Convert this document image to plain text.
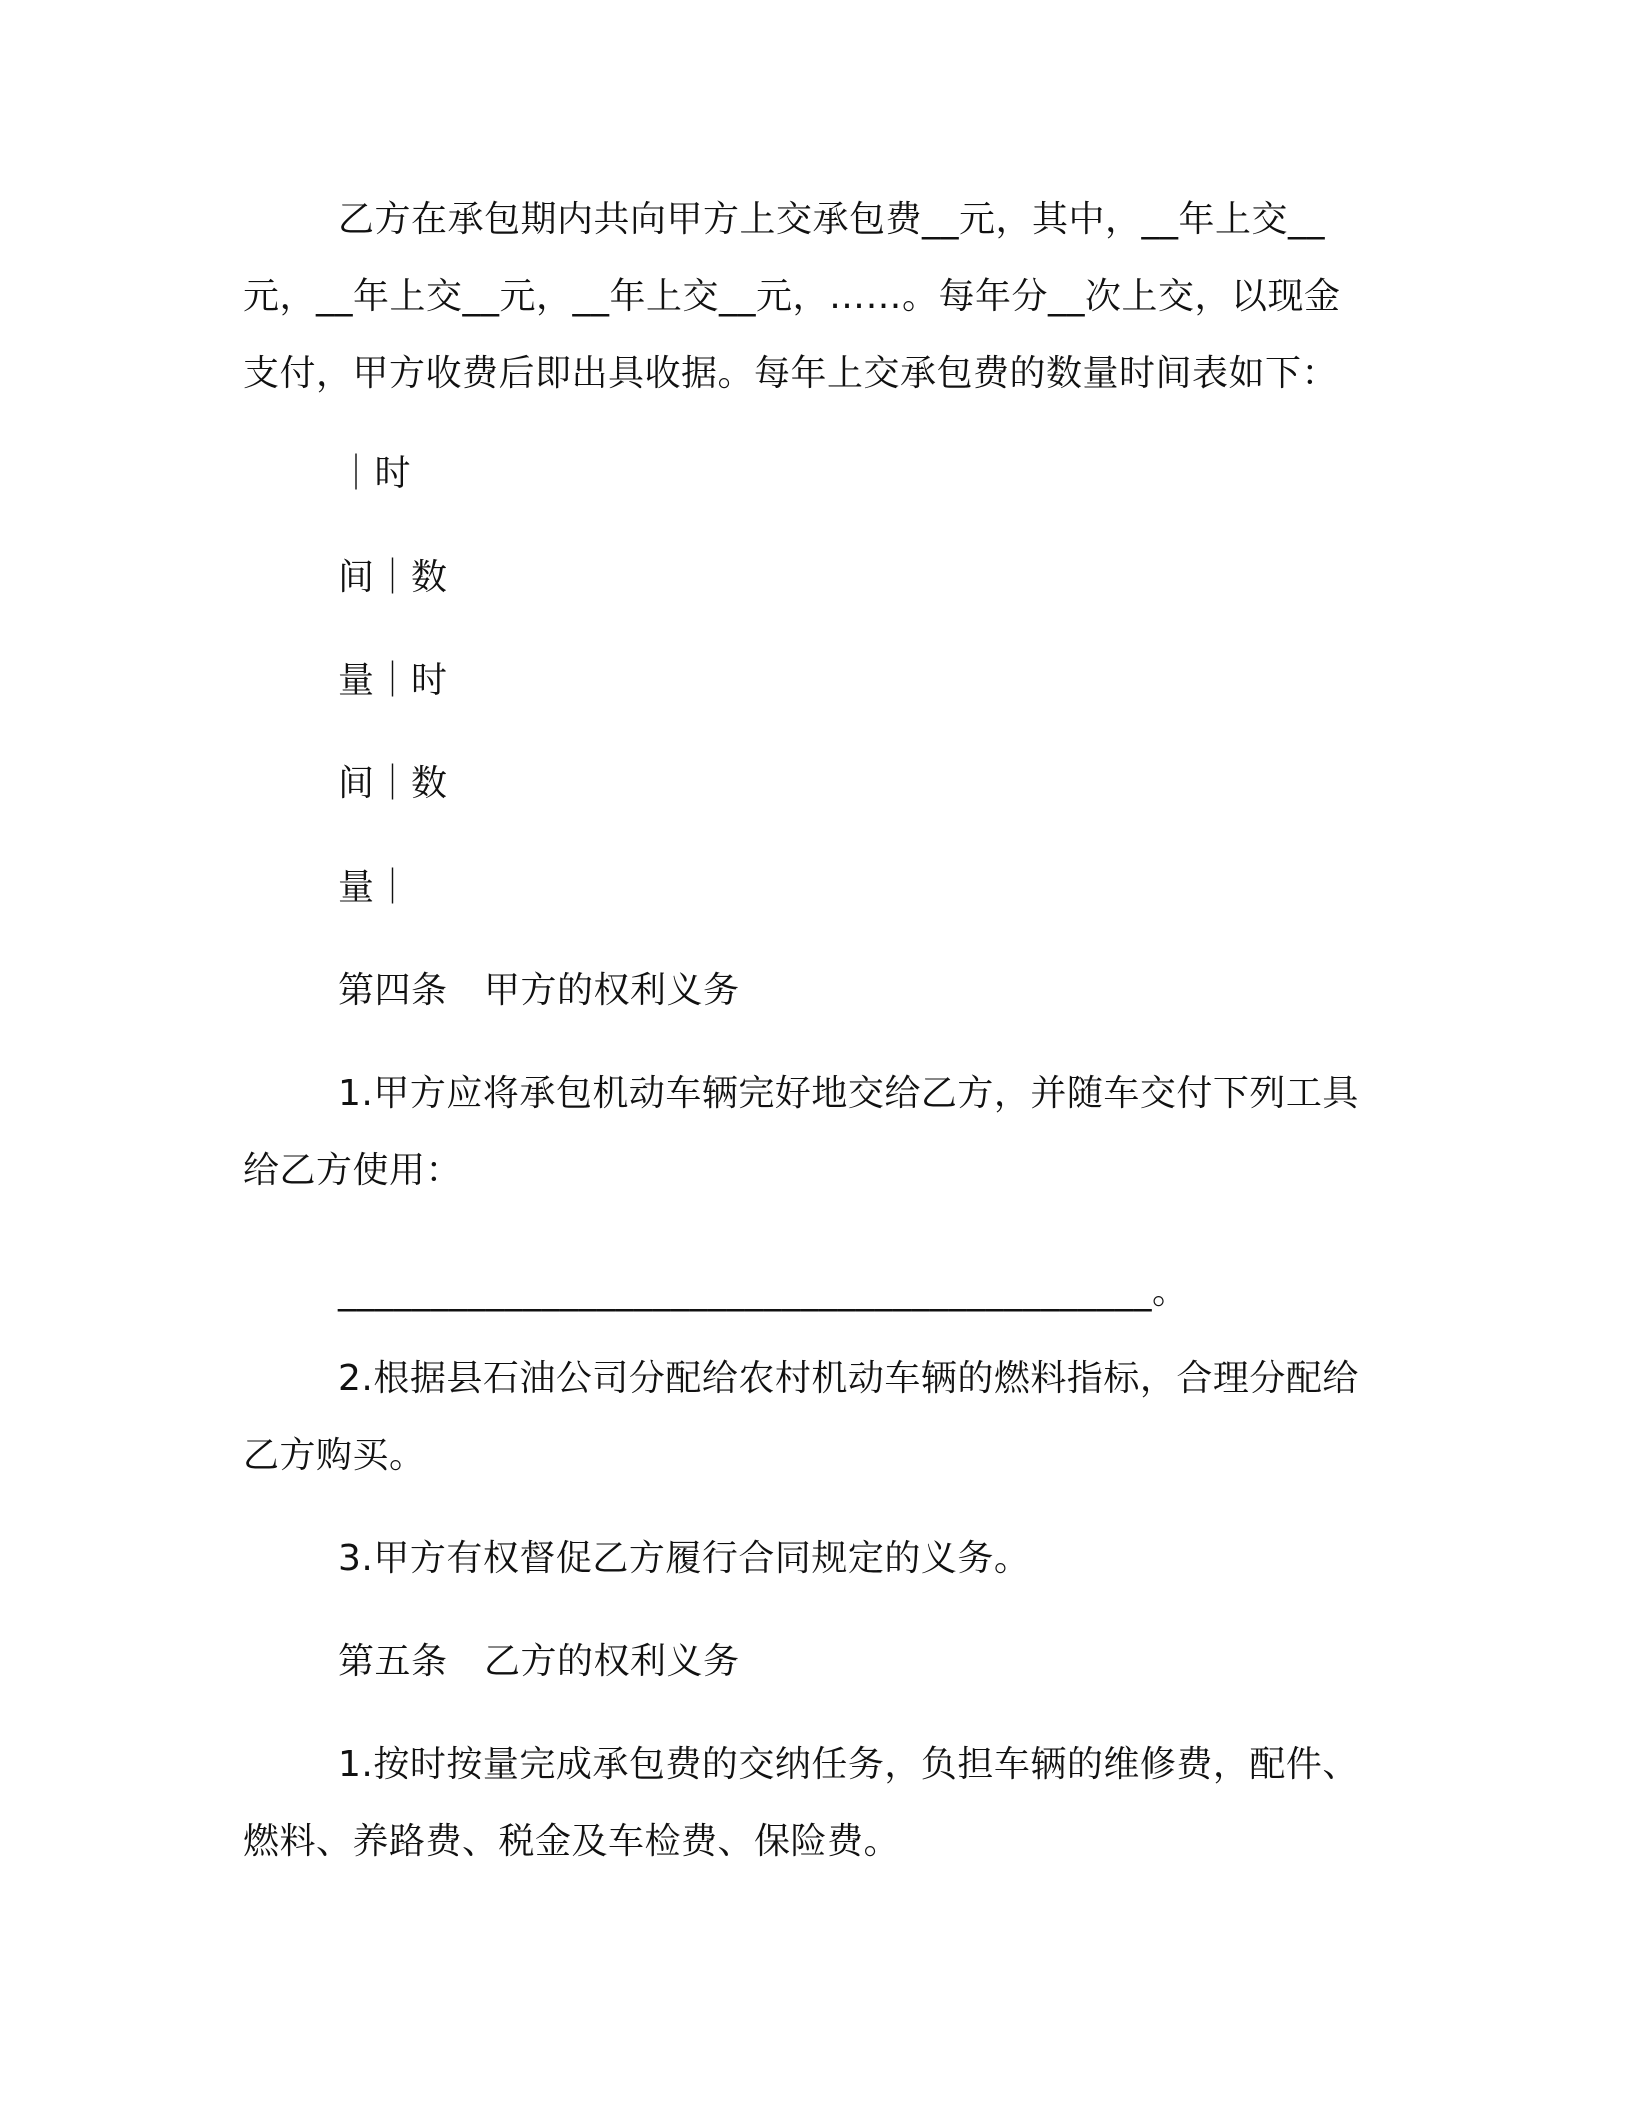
乙方在承包期内共向甲方上交承包费__元，其中，__年上交__
元，__年上交__元，__年上交__元，……。每年分__次上交，以现金
支付，甲方收费后即出具收据。每年上交承包费的数量时间表如下：
｜时
间｜数
量｜时
间｜数
量｜
第四条　甲方的权利义务
1.甲方应将承包机动车辆完好地交给乙方，并随车交付下列工具
给乙方使用：
____________________________________________。
2.根据县石油公司分配给农村机动车辆的燃料指标，合理分配给
乙方购买。
3.甲方有权督促乙方履行合同规定的义务。
第五条　乙方的权利义务
1.按时按量完成承包费的交纳任务，负担车辆的维修费，配件、
燃料、养路费、税金及车检费、保险费。
